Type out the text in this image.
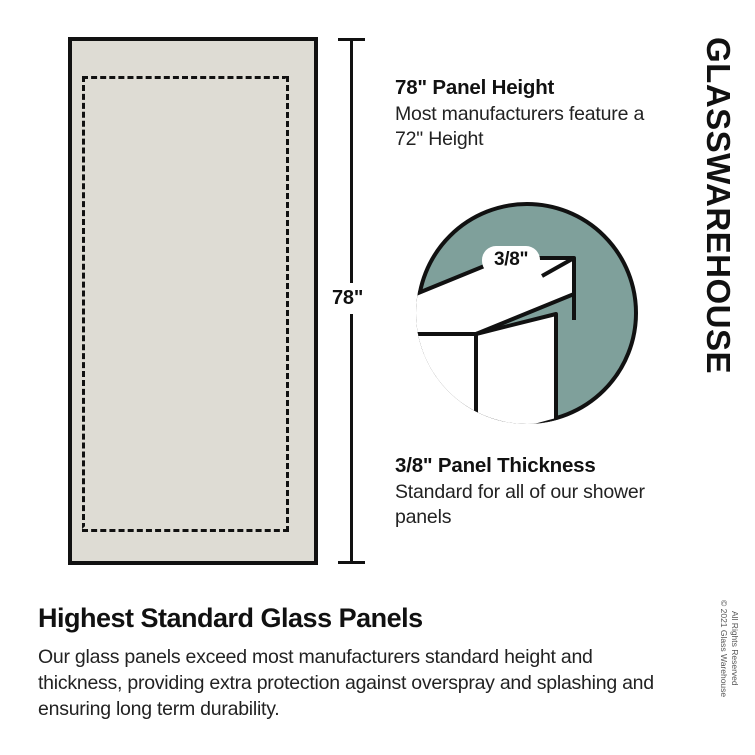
78"

78" Panel Height

Most manufacturers feature a 72" Height

3/8"

3/8" Panel Thickness

Standard for all of our shower panels

Highest Standard Glass Panels
Our glass panels exceed most manufacturers standard height and thickness, providing extra protection against overspray and splashing and ensuring long term durability.
GLASSWAREHOUSE
© 2021 Glass Warehouse All Rights Reserved
